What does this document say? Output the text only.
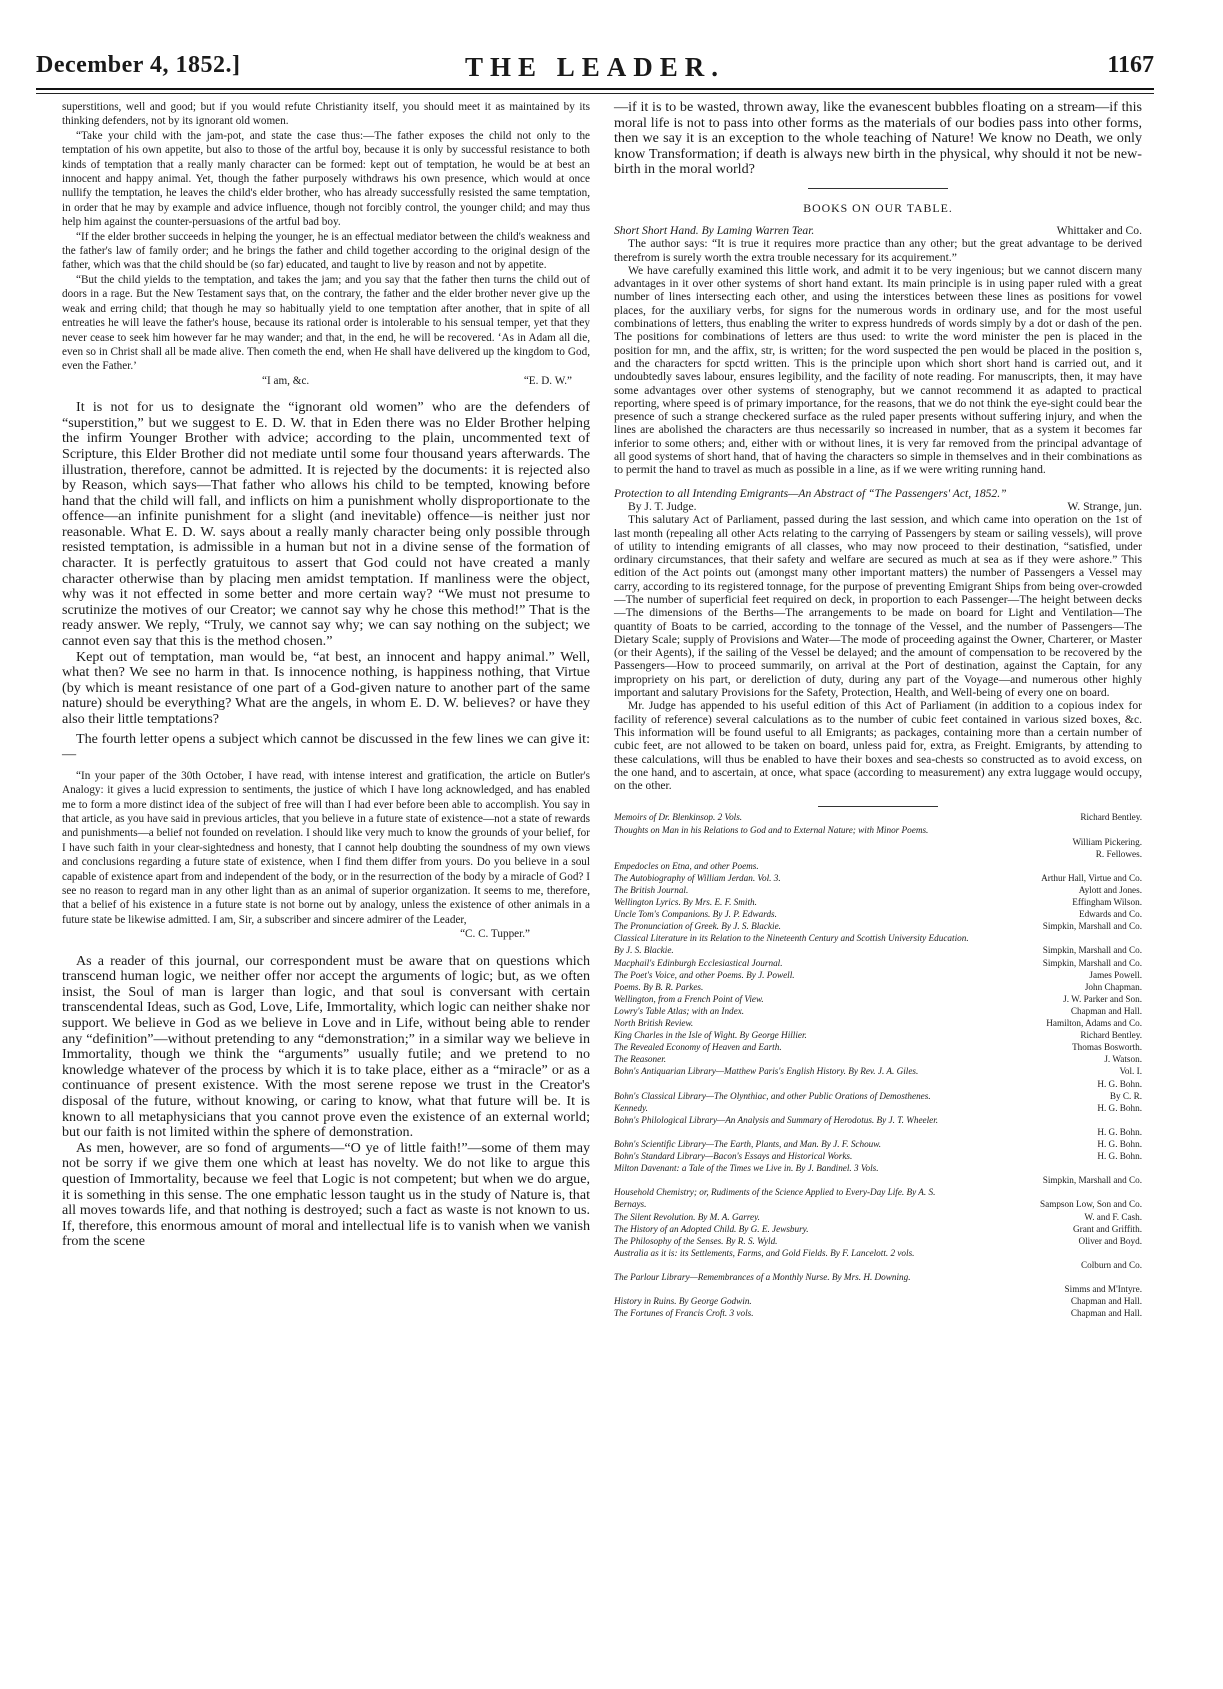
December 4, 1852.]	THE LEADER.	1167

superstitions, well and good; but if you would refute Christianity itself, you should meet it as maintained by its thinking defenders, not by its ignorant old women.

“Take your child with the jam-pot, and state the case thus:—The father exposes the child not only to the temptation of his own appetite, but also to those of the artful boy, because it is only by successful resistance to both kinds of temptation that a really manly character can be formed: kept out of temptation, he would be at best an innocent and happy animal. Yet, though the father purposely withdraws his own presence, which would at once nullify the temptation, he leaves the child's elder brother, who has already successfully resisted the same temptation, in order that he may by example and advice influence, though not forcibly control, the younger child; and may thus help him against the counter-persuasions of the artful bad boy.

“If the elder brother succeeds in helping the younger, he is an effectual mediator between the child's weakness and the father's law of family order; and he brings the father and child together according to the original design of the father, which was that the child should be (so far) educated, and taught to live by reason and not by appetite.

“But the child yields to the temptation, and takes the jam; and you say that the father then turns the child out of doors in a rage. But the New Testament says that, on the contrary, the father and the elder brother never give up the weak and erring child; that though he may so habitually yield to one temptation after another, that in spite of all entreaties he will leave the father's house, because its rational order is intolerable to his sensual temper, yet that they never cease to seek him however far he may wander; and that, in the end, he will be recovered. ‘As in Adam all die, even so in Christ shall all be made alive. Then cometh the end, when He shall have delivered up the kingdom to God, even the Father.’

“I am, &c.	“E. D. W.”

It is not for us to designate the “ignorant old women” who are the defenders of “superstition,” but we suggest to E. D. W. that in Eden there was no Elder Brother helping the infirm Younger Brother with advice; according to the plain, uncommented text of Scripture, this Elder Brother did not mediate until some four thousand years afterwards. The illustration, therefore, cannot be admitted. It is rejected by the documents: it is rejected also by Reason, which says—That father who allows his child to be tempted, knowing before hand that the child will fall, and inflicts on him a punishment wholly disproportionate to the offence—an infinite punishment for a slight (and inevitable) offence—is neither just nor reasonable. What E. D. W. says about a really manly character being only possible through resisted temptation, is admissible in a human but not in a divine sense of the formation of character. It is perfectly gratuitous to assert that God could not have created a manly character otherwise than by placing men amidst temptation. If manliness were the object, why was it not effected in some better and more certain way? “We must not presume to scrutinize the motives of our Creator; we cannot say why he chose this method!” That is the ready answer. We reply, “Truly, we cannot say why; we can say nothing on the subject; we cannot even say that this is the method chosen.”

Kept out of temptation, man would be, “at best, an innocent and happy animal.” Well, what then? We see no harm in that. Is innocence nothing, is happiness nothing, that Virtue (by which is meant resistance of one part of a God-given nature to another part of the same nature) should be everything? What are the angels, in whom E. D. W. believes? or have they also their little temptations?

The fourth letter opens a subject which cannot be discussed in the few lines we can give it:—

“In your paper of the 30th October, I have read, with intense interest and gratification, the article on Butler's Analogy: it gives a lucid expression to sentiments, the justice of which I have long acknowledged, and has enabled me to form a more distinct idea of the subject of free will than I had ever before been able to accomplish. You say in that article, as you have said in previous articles, that you believe in a future state of existence—not a state of rewards and punishments—a belief not founded on revelation. I should like very much to know the grounds of your belief, for I have such faith in your clear-sightedness and honesty, that I cannot help doubting the soundness of my own views and conclusions regarding a future state of existence, when I find them differ from yours. Do you believe in a soul capable of existence apart from and independent of the body, or in the resurrection of the body by a miracle of God? I see no reason to regard man in any other light than as an animal of superior organization. It seems to me, therefore, that a belief of his existence in a future state is not borne out by analogy, unless the existence of other animals in a future state be likewise admitted. I am, Sir, a subscriber and sincere admirer of the Leader,

“C. C. Tupper.”

As a reader of this journal, our correspondent must be aware that on questions which transcend human logic, we neither offer nor accept the arguments of logic; but, as we often insist, the Soul of man is larger than logic, and that soul is conversant with certain transcendental Ideas, such as God, Love, Life, Immortality, which logic can neither shake nor support. We believe in God as we believe in Love and in Life, without being able to render any “definition”—without pretending to any “demonstration;” in a similar way we believe in Immortality, though we think the “arguments” usually futile; and we pretend to no knowledge whatever of the process by which it is to take place, either as a “miracle” or as a continuance of present existence. With the most serene repose we trust in the Creator's disposal of the future, without knowing, or caring to know, what that future will be. It is known to all metaphysicians that you cannot prove even the existence of an external world; but our faith is not limited within the sphere of demonstration.

As men, however, are so fond of arguments—“O ye of little faith!”—some of them may not be sorry if we give them one which at least has novelty. We do not like to argue this question of Immortality, because we feel that Logic is not competent; but when we do argue, it is something in this sense. The one emphatic lesson taught us in the study of Nature is, that all moves towards life, and that nothing is destroyed; such a fact as waste is not known to us. If, therefore, this enormous amount of moral and intellectual life is to vanish when we vanish from the scene

—if it is to be wasted, thrown away, like the evanescent bubbles floating on a stream—if this moral life is not to pass into other forms as the materials of our bodies pass into other forms, then we say it is an exception to the whole teaching of Nature! We know no Death, we only know Transformation; if death is always new birth in the physical, why should it not be new-birth in the moral world?

BOOKS ON OUR TABLE.
Short Short Hand. By Laming Warren Tear.	Whittaker and Co.

The author says: “It is true it requires more practice than any other; but the great advantage to be derived therefrom is surely worth the extra trouble necessary for its acquirement.”

We have carefully examined this little work, and admit it to be very ingenious; but we cannot discern many advantages in it over other systems of short hand extant. Its main principle is in using paper ruled with a great number of lines intersecting each other, and using the interstices between these lines as positions for vowel places, for the auxiliary verbs, for signs for the numerous words in ordinary use, and for the most useful combinations of letters, thus enabling the writer to express hundreds of words simply by a dot or dash of the pen. The positions for combinations of letters are thus used: to write the word minister the pen is placed in the position for mn, and the affix, str, is written; for the word suspected the pen would be placed in the position s, and the characters for spctd written. This is the principle upon which short short hand is carried out, and it undoubtedly saves labour, ensures legibility, and the facility of note reading. For manuscripts, then, it may have some advantages over other systems of stenography, but we cannot recommend it as adapted to practical reporting, where speed is of primary importance, for the reasons, that we do not think the eye-sight could bear the presence of such a strange checkered surface as the ruled paper presents without suffering injury, and when the lines are abolished the characters are thus necessarily so increased in number, that as a system it becomes far inferior to some others; and, either with or without lines, it is very far removed from the principal advantage of all good systems of short hand, that of having the characters so simple in themselves and in their combinations as to permit the hand to travel as much as possible in a line, as if we were writing running hand.

Protection to all Intending Emigrants—An Abstract of “The Passengers' Act, 1852.”
By J. T. Judge.	W. Strange, jun.

This salutary Act of Parliament, passed during the last session, and which came into operation on the 1st of last month (repealing all other Acts relating to the carrying of Passengers by steam or sailing vessels), will prove of utility to intending emigrants of all classes, who may now proceed to their destination, “satisfied, under ordinary circumstances, that their safety and welfare are secured as much at sea as if they were ashore.” This edition of the Act points out (amongst many other important matters) the number of Passengers a Vessel may carry, according to its registered tonnage, for the purpose of preventing Emigrant Ships from being over-crowded—The number of superficial feet required on deck, in proportion to each Passenger—The height between decks—The dimensions of the Berths—The arrangements to be made on board for Light and Ventilation—The quantity of Boats to be carried, according to the tonnage of the Vessel, and the number of Passengers—The Dietary Scale; supply of Provisions and Water—The mode of proceeding against the Owner, Charterer, or Master (or their Agents), if the sailing of the Vessel be delayed; and the amount of compensation to be recovered by the Passengers—How to proceed summarily, on arrival at the Port of destination, against the Captain, for any impropriety on his part, or dereliction of duty, during any part of the Voyage—and numerous other highly important and salutary Provisions for the Safety, Protection, Health, and Well-being of every one on board.

Mr. Judge has appended to his useful edition of this Act of Parliament (in addition to a copious index for facility of reference) several calculations as to the number of cubic feet contained in various sized boxes, &c. This information will be found useful to all Emigrants; as packages, containing more than a certain number of cubic feet, are not allowed to be taken on board, unless paid for, extra, as Freight. Emigrants, by attending to these calculations, will thus be enabled to have their boxes and sea-chests so constructed as to avoid excess, on the one hand, and to ascertain, at once, what space (according to measurement) any extra luggage would occupy, on the other.

Memoirs of Dr. Blenkinsop. 2 Vols.	Richard Bentley.
Thoughts on Man in his Relations to God and to External Nature; with Minor Poems.
William Pickering.
R. Fellowes.
Empedocles on Etna, and other Poems.
The Autobiography of William Jerdan. Vol. 3.	Arthur Hall, Virtue and Co.
The British Journal.	Aylott and Jones.
Wellington Lyrics. By Mrs. E. F. Smith.	Effingham Wilson.
Uncle Tom's Companions. By J. P. Edwards.	Edwards and Co.
The Pronunciation of Greek. By J. S. Blackie.	Simpkin, Marshall and Co.
Classical Literature in its Relation to the Nineteenth Century and Scottish University Education.
By J. S. Blackie.	Simpkin, Marshall and Co.
Macphail's Edinburgh Ecclesiastical Journal.	Simpkin, Marshall and Co.
The Poet's Voice, and other Poems. By J. Powell.	James Powell.
Poems. By B. R. Parkes.	John Chapman.
Wellington, from a French Point of View.	J. W. Parker and Son.
Lowry's Table Atlas; with an Index.	Chapman and Hall.
North British Review.	Hamilton, Adams and Co.
King Charles in the Isle of Wight. By George Hillier.	Richard Bentley.
The Revealed Economy of Heaven and Earth.	Thomas Bosworth.
The Reasoner.	J. Watson.
Bohn's Antiquarian Library—Matthew Paris's English History. By Rev. J. A. Giles.	Vol. I.
H. G. Bohn.
Bohn's Classical Library—The Olynthiac, and other Public Orations of Demosthenes.	By C. R.
Kennedy.	H. G. Bohn.
Bohn's Philological Library—An Analysis and Summary of Herodotus. By J. T. Wheeler.
H. G. Bohn.
Bohn's Scientific Library—The Earth, Plants, and Man. By J. F. Schouw.	H. G. Bohn.
Bohn's Standard Library—Bacon's Essays and Historical Works.	H. G. Bohn.
Milton Davenant: a Tale of the Times we Live in. By J. Bandinel. 3 Vols.
Simpkin, Marshall and Co.
Household Chemistry; or, Rudiments of the Science Applied to Every-Day Life. By A. S.
Bernays.	Sampson Low, Son and Co.
The Silent Revolution. By M. A. Garrey.	W. and F. Cash.
The History of an Adopted Child. By G. E. Jewsbury.	Grant and Griffith.
The Philosophy of the Senses. By R. S. Wyld.	Oliver and Boyd.
Australia as it is: its Settlements, Farms, and Gold Fields. By F. Lancelott. 2 vols.
Colburn and Co.
The Parlour Library—Remembrances of a Monthly Nurse. By Mrs. H. Downing.
Simms and M'Intyre.
History in Ruins. By George Godwin.	Chapman and Hall.
The Fortunes of Francis Croft. 3 vols.	Chapman and Hall.
